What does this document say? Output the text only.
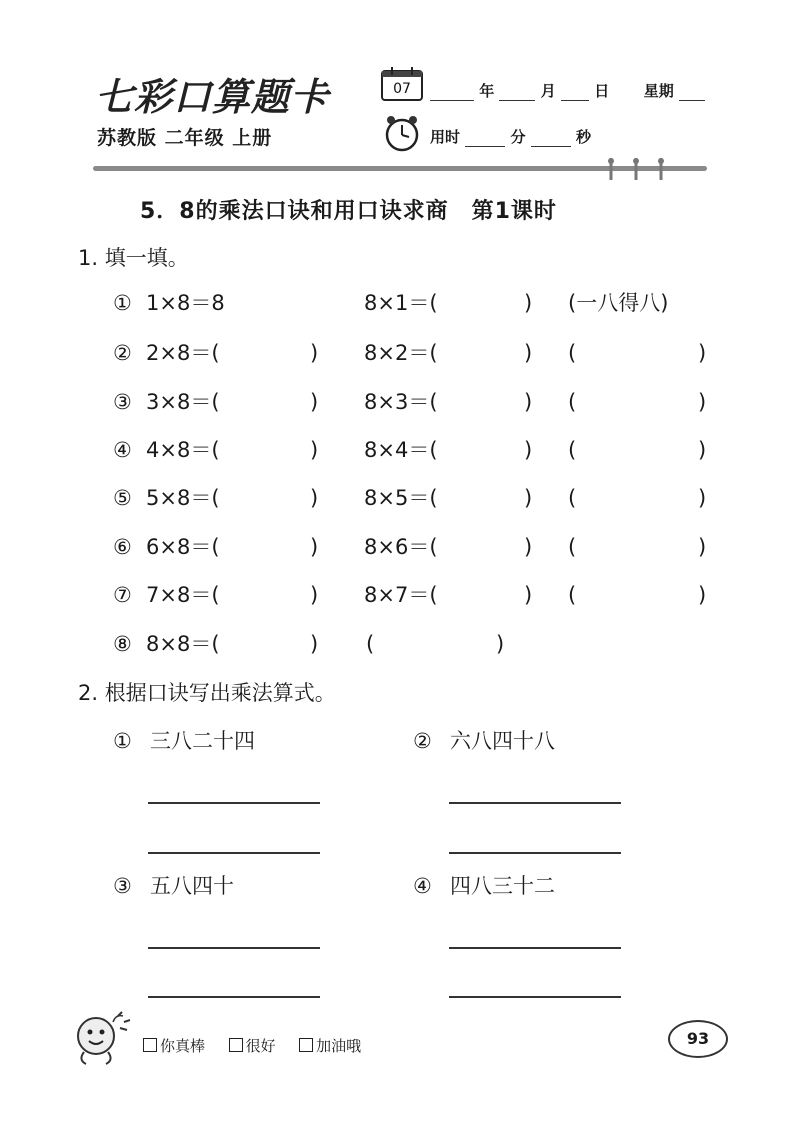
七彩口算题卡
苏教版 二年级 上册
07	年	月	日 星期
用时	分	秒
5．8的乘法口诀和用口诀求商　第1课时
1. 填一填。
① 1×8＝8	8×1＝(	) (一八得八)
② 2×8＝(	) 8×2＝(	) (	)
③ 3×8＝(	) 8×3＝(	) (	)
④ 4×8＝(	) 8×4＝(	) (	)
⑤ 5×8＝(	) 8×5＝(	) (	)
⑥ 6×8＝(	) 8×6＝(	) (	)
⑦ 7×8＝(	) 8×7＝(	) (	)
⑧ 8×8＝(	) (	)
2. 根据口诀写出乘法算式。
① 三八二十四	② 六八四十八
③ 五八四十	④ 四八三十二
你真棒	很好	加油哦	93
